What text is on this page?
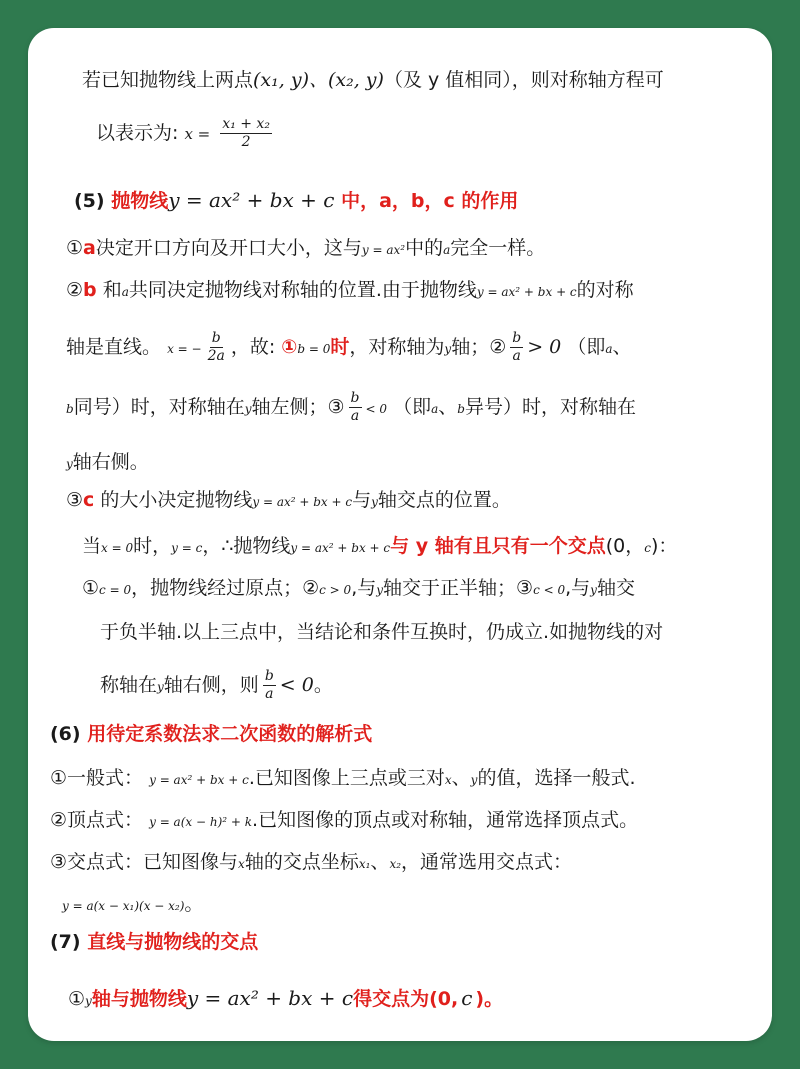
若已知抛物线上两点(x₁, y)、(x₂, y)（及 y 值相同），则对称轴方程可
以表示为: $x = \frac{\text{x₁ + x₂}}{2}$
(5) 抛物线y = ax² + bx + c 中，a，b，c 的作用
①a决定开口方向及开口大小，这与y = ax²中的a完全一样。
②b 和a共同决定抛物线对称轴的位置.由于抛物线y = ax² + bx + c的对称
轴是直线。 x = − $\frac{b}{2a}$ ，故: ①b = 0时，对称轴为y轴；② $\frac{b}{a} > 0$ （即a、
b同号）时，对称轴在y轴左侧；③ $\frac{b}{a} < 0$ （即a、b异号）时，对称轴在
y轴右侧。
③c 的大小决定抛物线y = ax² + bx + c与y轴交点的位置。
当x = 0时，y = c，∴抛物线y = ax² + bx + c与 y 轴有且只有一个交点(0，c)：
①c = 0，抛物线经过原点；②c > 0,与y轴交于正半轴；③c < 0,与y轴交
于负半轴.以上三点中，当结论和条件互换时，仍成立.如抛物线的对
称轴在y轴右侧，则 $\frac{b}{a} < 0$。
(6) 用待定系数法求二次函数的解析式
①一般式： y = ax² + bx + c.已知图像上三点或三对x、y的值，选择一般式.
②顶点式： y = a(x − h)² + k.已知图像的顶点或对称轴，通常选择顶点式。
③交点式：已知图像与x轴的交点坐标x₁、x₂，通常选用交点式：
y = a(x − x₁)(x − x₂)。
(7) 直线与抛物线的交点
①y轴与抛物线y = ax² + bx + c得交点为(0, c )。
